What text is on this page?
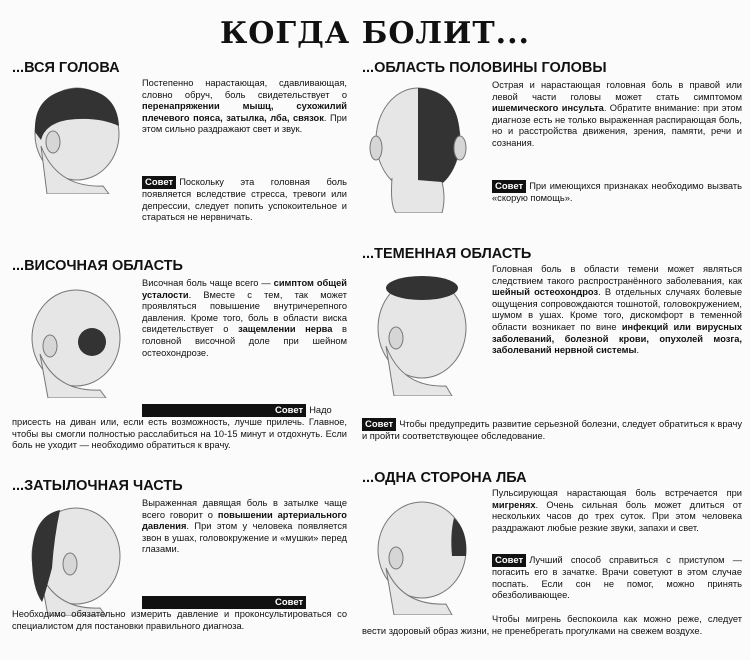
КОГДА БОЛИТ...
...ВСЯ ГОЛОВА

Постепенно нарастающая, сдавливающая, словно обруч, боль свидетельствует о перенапряжении мышц, сухожилий плечевого пояса, затылка, лба, связок. При этом сильно раздражают свет и звук.

Совет Поскольку эта головная боль появляется вследствие стресса, тревоги или депрессии, следует попить успокоительное и стараться не нервничать.

...ОБЛАСТЬ ПОЛОВИНЫ ГОЛОВЫ

Острая и нарастающая головная боль в правой или левой части головы может стать симптомом ишемического инсульта. Обратите внимание: при этом диагнозе есть не только выраженная распирающая боль, но и расстройства движения, зрения, памяти, речи и сознания.

Совет При имеющихся признаках необходимо вызвать «скорую помощь».

...ВИСОЧНАЯ ОБЛАСТЬ

Височная боль чаще всего — симптом общей усталости. Вместе с тем, так может проявляться повышение внутричерепного давления. Кроме того, боль в области виска свидетельствует о защемлении нерва в головной височной доле при шейном остеохондрозе.

Совет Надо присесть на диван или, если есть возможность, лучше прилечь. Главное, чтобы вы смогли полностью расслабиться на 10-15 минут и отдохнуть. Если боль не уходит — необходимо обратиться к врачу.

...ТЕМЕННАЯ ОБЛАСТЬ

Головная боль в области темени может являться следствием такого распространённого заболевания, как шейный остеохондроз. В отдельных случаях болевые ощущения сопровождаются тошнотой, головокружением, шумом в ушах. Кроме того, дискомфорт в теменной области возникает по вине инфекций или вирусных заболеваний, болезной крови, опухолей мозга, заболеваний нервной системы.

Совет Чтобы предупредить развитие серьезной болезни, следует обратиться к врачу и пройти соответствующее обследование.

...ЗАТЫЛОЧНАЯ ЧАСТЬ

Выраженная давящая боль в затылке чаще всего говорит о повышении артериального давления. При этом у человека появляется звон в ушах, головокружение и «мушки» перед глазами.

СоветНеобходимо обязательно измерить давление и проконсультироваться со специалистом для постановки правильного диагноза.

...ОДНА СТОРОНА ЛБА

Пульсирующая нарастающая боль встречается при мигренях. Очень сильная боль может длиться от нескольких часов до трех суток. При этом человека раздражают любые резкие звуки, запахи и свет.

Совет Лучший способ справиться с приступом — погасить его в зачатке. Врачи советуют в этом случае поспать. Если сон не помог, можно принять обезболивающее.

Чтобы мигрень беспокоила как можно реже, следует вести здоровый образ жизни, не пренебрегать прогулками на свежем воздухе.
